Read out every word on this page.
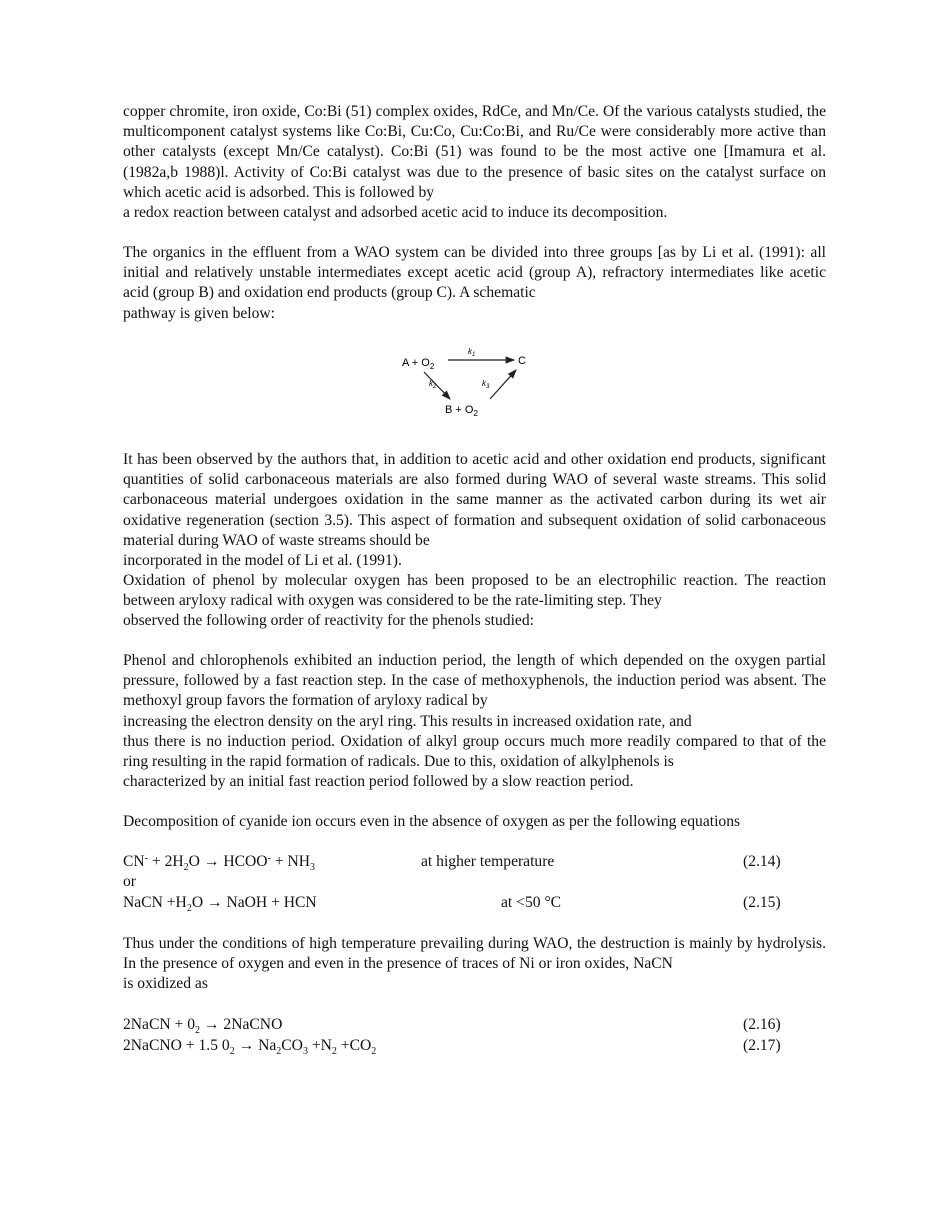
copper chromite, iron oxide, Co:Bi (51) complex oxides, RdCe, and Mn/Ce. Of the various catalysts studied, the multicomponent catalyst systems like Co:Bi, Cu:Co, Cu:Co:Bi, and Ru/Ce were considerably more active than other catalysts (except Mn/Ce catalyst). Co:Bi (51) was found to be the most active one [Imamura et al. (1982a,b 1988)l. Activity of Co:Bi catalyst was due to the presence of basic sites on the catalyst surface on which acetic acid is adsorbed. This is followed by
a redox reaction between catalyst and adsorbed acetic acid to induce its decomposition.

The organics in the effluent from a WAO system can be divided into three groups [as by Li et al. (1991): all initial and relatively unstable intermediates except acetic acid (group A), refractory intermediates like acetic acid (group B) and oxidation end products (group C). A schematic
pathway is given below:

$A + O_2$
$k_1$	C
$k_2$	$k_3$
$B + O_2$

It has been observed by the authors that, in addition to acetic acid and other oxidation end products, significant quantities of solid carbonaceous materials are also formed during WAO of several waste streams. This solid carbonaceous material undergoes oxidation in the same manner as the activated carbon during its wet air oxidative regeneration (section 3.5). This aspect of formation and subsequent oxidation of solid carbonaceous material during WAO of waste streams should be
incorporated in the model of Li et al. (1991).

Oxidation of phenol by molecular oxygen has been proposed to be an electrophilic reaction. The reaction between aryloxy radical with oxygen was considered to be the rate-limiting step. They
observed the following order of reactivity for the phenols studied:

Phenol and chlorophenols exhibited an induction period, the length of which depended on the oxygen partial pressure, followed by a fast reaction step. In the case of methoxyphenols, the induction period was absent. The methoxyl group favors the formation of aryloxy radical by
increasing the electron density on the aryl ring. This results in increased oxidation rate, and

thus there is no induction period. Oxidation of alkyl group occurs much more readily compared to that of the ring resulting in the rapid formation of radicals. Due to this, oxidation of alkylphenols is
characterized by an initial fast reaction period followed by a slow reaction period.

Decomposition of cyanide ion occurs even in the absence of oxygen as per the following equations

$CN^- + 2H_2O$ → HCOO- + $NH_3$	at higher temperature	(2.14)
or
NaCN $+H_2O$ → NaOH + HCN	at <50 °C	(2.15)

Thus under the conditions of high temperature prevailing during WAO, the destruction is mainly by hydrolysis. In the presence of oxygen and even in the presence of traces of Ni or iron oxides, NaCN
is oxidized as

2NaCN + $0_2$ → 2NaCNO	(2.16)
2NaCNO + 1.5 $0_2 \to Na_2CO_3 +N_2 +CO_2$	(2.17)
